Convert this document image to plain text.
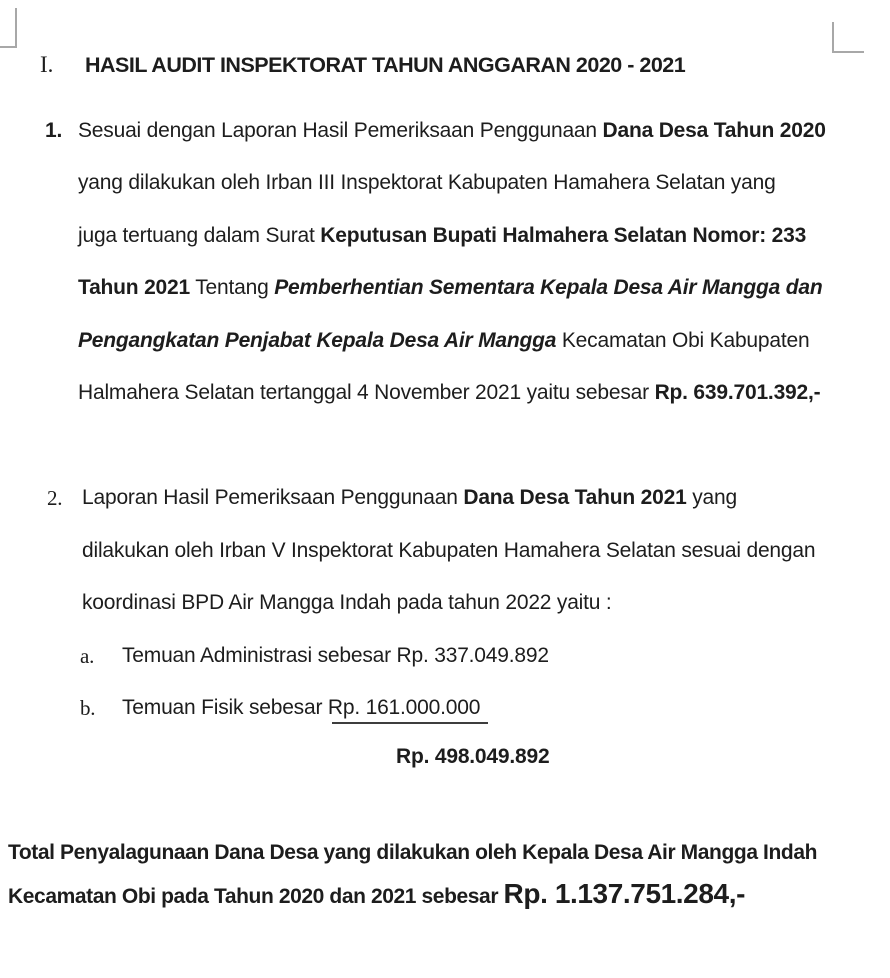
I. HASIL AUDIT INSPEKTORAT TAHUN ANGGARAN 2020 - 2021
1. Sesuai dengan Laporan Hasil Pemeriksaan Penggunaan Dana Desa Tahun 2020
yang dilakukan oleh Irban III Inspektorat Kabupaten Hamahera Selatan yang
juga tertuang dalam Surat Keputusan Bupati Halmahera Selatan Nomor: 233
Tahun 2021 Tentang Pemberhentian Sementara Kepala Desa Air Mangga dan
Pengangkatan Penjabat Kepala Desa Air Mangga Kecamatan Obi Kabupaten
Halmahera Selatan tertanggal 4 November 2021 yaitu sebesar Rp. 639.701.392,-
2. Laporan Hasil Pemeriksaan Penggunaan Dana Desa Tahun 2021 yang
dilakukan oleh Irban V Inspektorat Kabupaten Hamahera Selatan sesuai dengan
koordinasi BPD Air Mangga Indah pada tahun 2022 yaitu :
a. Temuan Administrasi sebesar Rp. 337.049.892
b. Temuan Fisik sebesar Rp. 161.000.000
Rp. 498.049.892
Total Penyalagunaan Dana Desa yang dilakukan oleh Kepala Desa Air Mangga Indah
Kecamatan Obi pada Tahun 2020 dan 2021 sebesar Rp. 1.137.751.284,-
